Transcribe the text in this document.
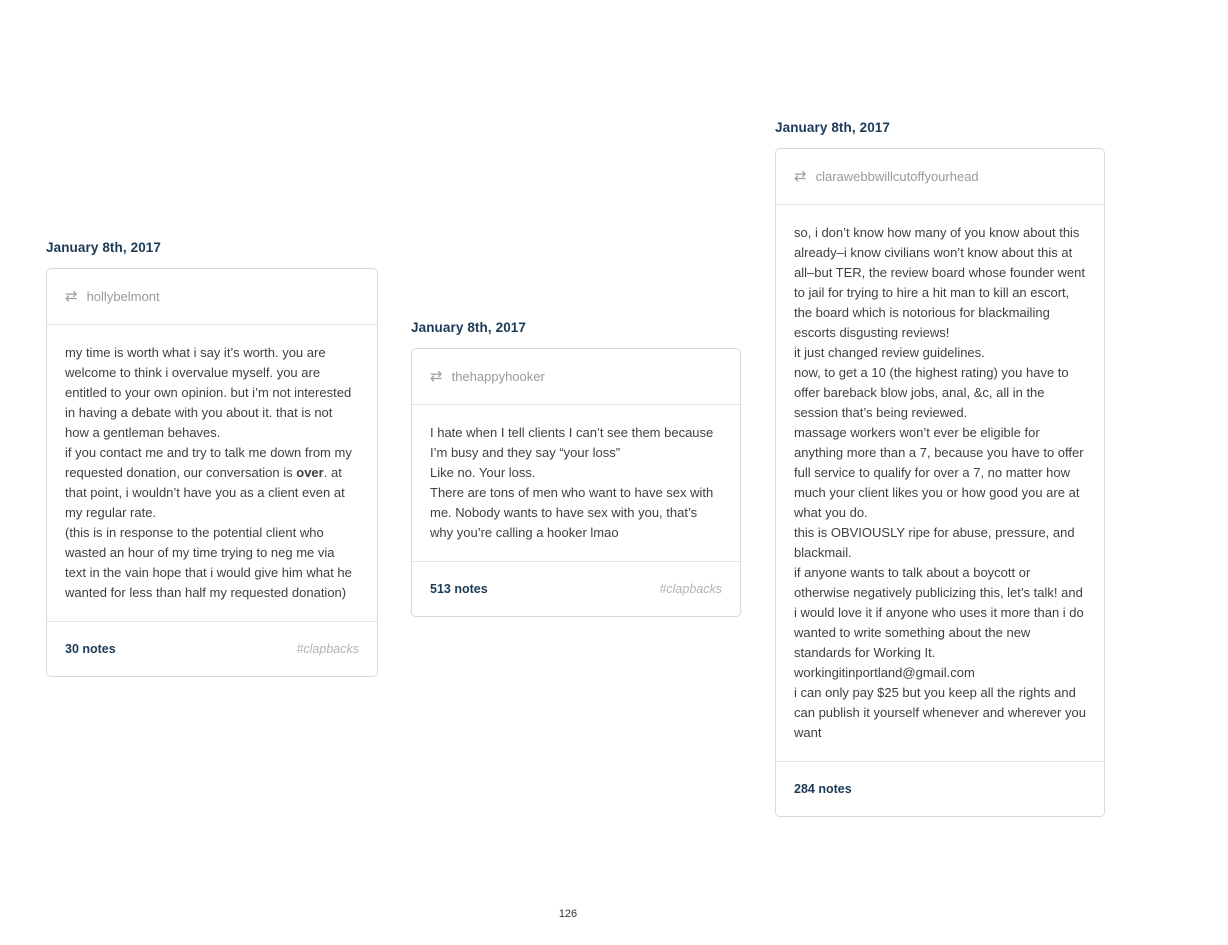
January 8th, 2017
⇄ hollybelmont

my time is worth what i say it’s worth. you are welcome to think i overvalue myself. you are entitled to your own opinion. but i’m not interested in having a debate with you about it. that is not how a gentleman behaves.

if you contact me and try to talk me down from my requested donation, our conversation is over. at that point, i wouldn’t have you as a client even at my regular rate.

(this is in response to the potential client who wasted an hour of my time trying to neg me via text in the vain hope that i would give him what he wanted for less than half my requested donation)

30 notes	#clapbacks
January 8th, 2017
⇄ thehappyhooker

I hate when I tell clients I can’t see them because I’m busy and they say “your loss”

Like no. Your loss.

There are tons of men who want to have sex with me. Nobody wants to have sex with you, that’s why you’re calling a hooker lmao

513 notes	#clapbacks
January 8th, 2017
⇄ clarawebbwillcutoffyourhead

so, i don’t know how many of you know about this already–i know civilians won’t know about this at all–but TER, the review board whose founder went to jail for trying to hire a hit man to kill an escort, the board which is notorious for blackmailing escorts disgusting reviews!

it just changed review guidelines.

now, to get a 10 (the highest rating) you have to offer bareback blow jobs, anal, &c, all in the session that’s being reviewed.

massage workers won’t ever be eligible for anything more than a 7, because you have to offer full service to qualify for over a 7, no matter how much your client likes you or how good you are at what you do.

this is OBVIOUSLY ripe for abuse, pressure, and blackmail.

if anyone wants to talk about a boycott or otherwise negatively publicizing this, let’s talk! and i would love it if anyone who uses it more than i do wanted to write something about the new standards for Working It.

workingitinportland@gmail.com

i can only pay $25 but you keep all the rights and can publish it yourself whenever and wherever you want

284 notes
126
